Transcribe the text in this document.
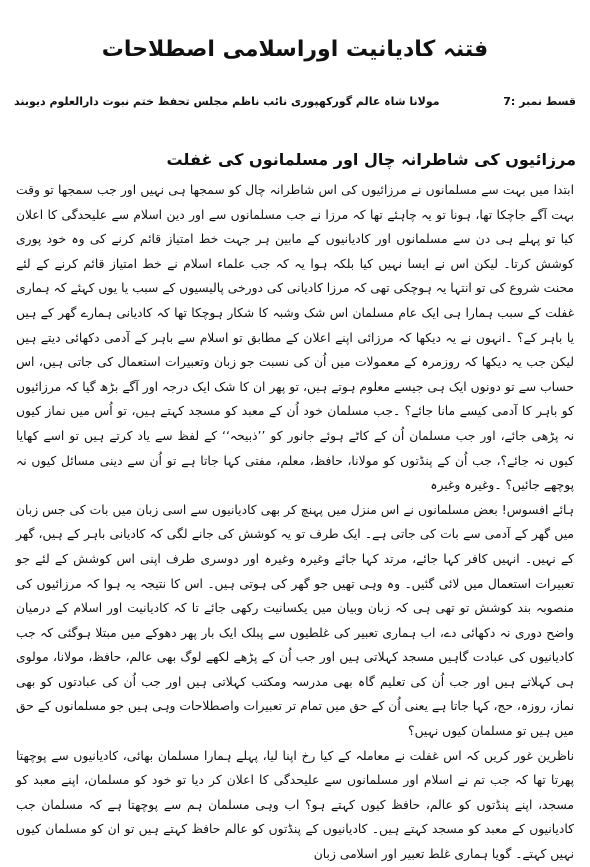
فتنہ کادیانیت اوراسلامی اصطلاحات
قسط نمبر :7
مولانا شاہ عالم گورکھپوری نائب ناظم مجلس تحفظ ختم نبوت دارالعلوم دیوبند
مرزائیوں کی شاطرانہ چال اور مسلمانوں کی غفلت

ابتدا میں بہت سے مسلمانوں نے مرزائیوں کی اس شاطرانہ چال کو سمجھا ہی نہیں اور جب سمجھا تو وقت بہت آگے جاچکا تھا، ہونا تو یہ چاہئے تھا کہ مرزا نے جب مسلمانوں سے اور دین اسلام سے علیحدگی کا اعلان کیا تو پہلے ہی دن سے مسلمانوں اور کادیانیوں کے مابین ہر جہت خط امتیاز قائم کرنے کی وہ خود پوری کوشش کرتا۔ لیکن اس نے ایسا نہیں کیا بلکہ ہوا یہ کہ جب علماء اسلام نے خط امتیاز قائم کرنے کے لئے محنت شروع کی تو انتہا یہ ہوچکی تھی کہ مرزا کادیانی کی دورخی پالیسیوں کے سبب یا یوں کہئے کہ ہماری غفلت کے سبب ہمارا ہی ایک عام مسلمان اس شک وشبہ کا شکار ہوچکا تھا کہ کادیانی ہمارے گھر کے ہیں یا باہر کے؟ ۔انہوں نے یہ دیکھا کہ مرزائی اپنے اعلان کے مطابق تو اسلام سے باہر کے آدمی دکھائی دیتے ہیں لیکن جب یہ دیکھا کہ روزمرہ کے معمولات میں اُن کی نسبت جو زبان وتعبیرات استعمال کی جاتی ہیں، اس حساب سے تو دونوں ایک ہی جیسے معلوم ہوتے ہیں، تو پھر ان کا شک ایک درجہ اور آگے بڑھ گیا کہ مرزائیوں کو باہر کا آدمی کیسے مانا جائے؟ ۔جب مسلمان خود اُن کے معبد کو مسجد کہتے ہیں، تو اُس میں نماز کیوں نہ پڑھی جائے، اور جب مسلمان اُن کے کاٹے ہوئے جانور کو ’’ذبیحہ‘‘ کے لفظ سے یاد کرتے ہیں تو اسے کھایا کیوں نہ جائے؟، جب اُن کے پنڈتوں کو مولانا، حافظ، معلم، مفتی کہا جاتا ہے تو اُن سے دینی مسائل کیوں نہ پوچھے جائیں؟ ۔وغیرہ وغیرہ

ہائے افسوس! بعض مسلمانوں نے اس منزل میں پہنچ کر بھی کادیانیوں سے اسی زبان میں بات کی جس زبان میں گھر کے آدمی سے بات کی جاتی ہے۔ ایک طرف تو یہ کوشش کی جانے لگی کہ کادیانی باہر کے ہیں، گھر کے نہیں۔ انہیں کافر کہا جائے، مرتد کہا جائے وغیرہ وغیرہ اور دوسری طرف اپنی اس کوشش کے لئے جو تعبیرات استعمال میں لائی گئیں۔ وہ وہی تھیں جو گھر کی ہوتی ہیں۔ اس کا نتیجہ یہ ہوا کہ مرزائیوں کی منصوبہ بند کوشش تو تھی ہی کہ زبان وبیان میں یکسانیت رکھی جائے تا کہ کادیانیت اور اسلام کے درمیان واضح دوری نہ دکھائی دے، اب ہماری تعبیر کی غلطیوں سے پبلک ایک بار پھر دھوکے میں مبتلا ہوگئی کہ جب کادیانیوں کی عبادت گاہیں مسجد کہلاتی ہیں اور جب اُن کے پڑھے لکھے لوگ بھی عالم، حافظ، مولانا، مولوی ہی کہلاتے ہیں اور جب اُن کی تعلیم گاہ بھی مدرسہ ومکتب کہلاتی ہیں اور جب اُن کی عبادتوں کو بھی نماز، روزہ، حج، کہا جاتا ہے یعنی اُن کے حق میں تمام تر تعبیرات واصطلاحات وہی ہیں جو مسلمانوں کے حق میں ہیں تو مسلمان کیوں نہیں؟

ناظرین غور کریں کہ اس غفلت نے معاملہ کے کیا رخ اپنا لیا، پہلے ہمارا مسلمان بھائی، کادیانیوں سے پوچھتا پھرتا تھا کہ جب تم نے اسلام اور مسلمانوں سے علیحدگی کا اعلان کر دیا تو خود کو مسلمان، اپنے معبد کو مسجد، اپنے پنڈتوں کو عالم، حافظ کیوں کہتے ہو؟ اب وہی مسلمان ہم سے پوچھتا ہے کہ مسلمان جب کادیانیوں کے معبد کو مسجد کہتے ہیں۔ کادیانیوں کے پنڈتوں کو عالم حافظ کہتے ہیں تو ان کو مسلمان کیوں نہیں کہتے۔ گویا ہماری غلط تعبیر اور اسلامی زبان
